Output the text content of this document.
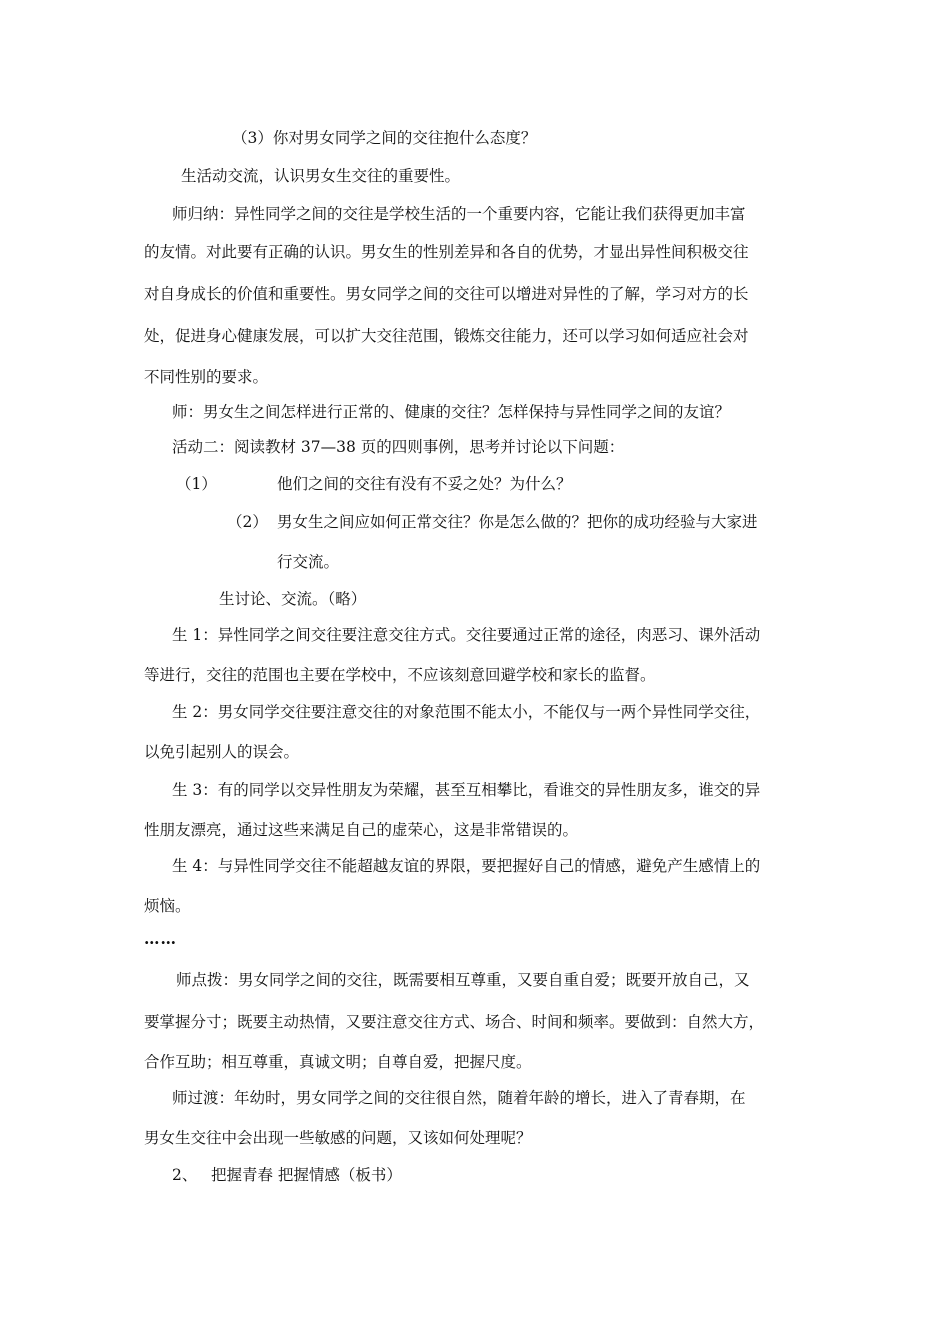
（3）你对男女同学之间的交往抱什么态度？
生活动交流，认识男女生交往的重要性。
师归纳：异性同学之间的交往是学校生活的一个重要内容，它能让我们获得更加丰富
的友情。对此要有正确的认识。男女生的性别差异和各自的优势，才显出异性间积极交往
对自身成长的价值和重要性。男女同学之间的交往可以增进对异性的了解，学习对方的长
处，促进身心健康发展，可以扩大交往范围，锻炼交往能力，还可以学习如何适应社会对
不同性别的要求。
师：男女生之间怎样进行正常的、健康的交往？怎样保持与异性同学之间的友谊？
活动二：阅读教材 37—38 页的四则事例，思考并讨论以下问题：
（1）	他们之间的交往有没有不妥之处？为什么？
（2） 男女生之间应如何正常交往？你是怎么做的？把你的成功经验与大家进
行交流。
生讨论、交流。（略）
生 1：异性同学之间交往要注意交往方式。交往要通过正常的途径，肉恶习、课外活动
等进行，交往的范围也主要在学校中，不应该刻意回避学校和家长的监督。
生 2：男女同学交往要注意交往的对象范围不能太小，不能仅与一两个异性同学交往，
以免引起别人的误会。
生 3：有的同学以交异性朋友为荣耀，甚至互相攀比，看谁交的异性朋友多，谁交的异
性朋友漂亮，通过这些来满足自己的虚荣心，这是非常错误的。
生 4：与异性同学交往不能超越友谊的界限，要把握好自己的情感，避免产生感情上的
烦恼。
……
师点拨：男女同学之间的交往，既需要相互尊重，又要自重自爱；既要开放自己，又
要掌握分寸；既要主动热情，又要注意交往方式、场合、时间和频率。要做到：自然大方，
合作互助；相互尊重，真诚文明；自尊自爱，把握尺度。
师过渡：年幼时，男女同学之间的交往很自然，随着年龄的增长，进入了青春期，在
男女生交往中会出现一些敏感的问题，又该如何处理呢？
2、 把握青春 把握情感（板书）
